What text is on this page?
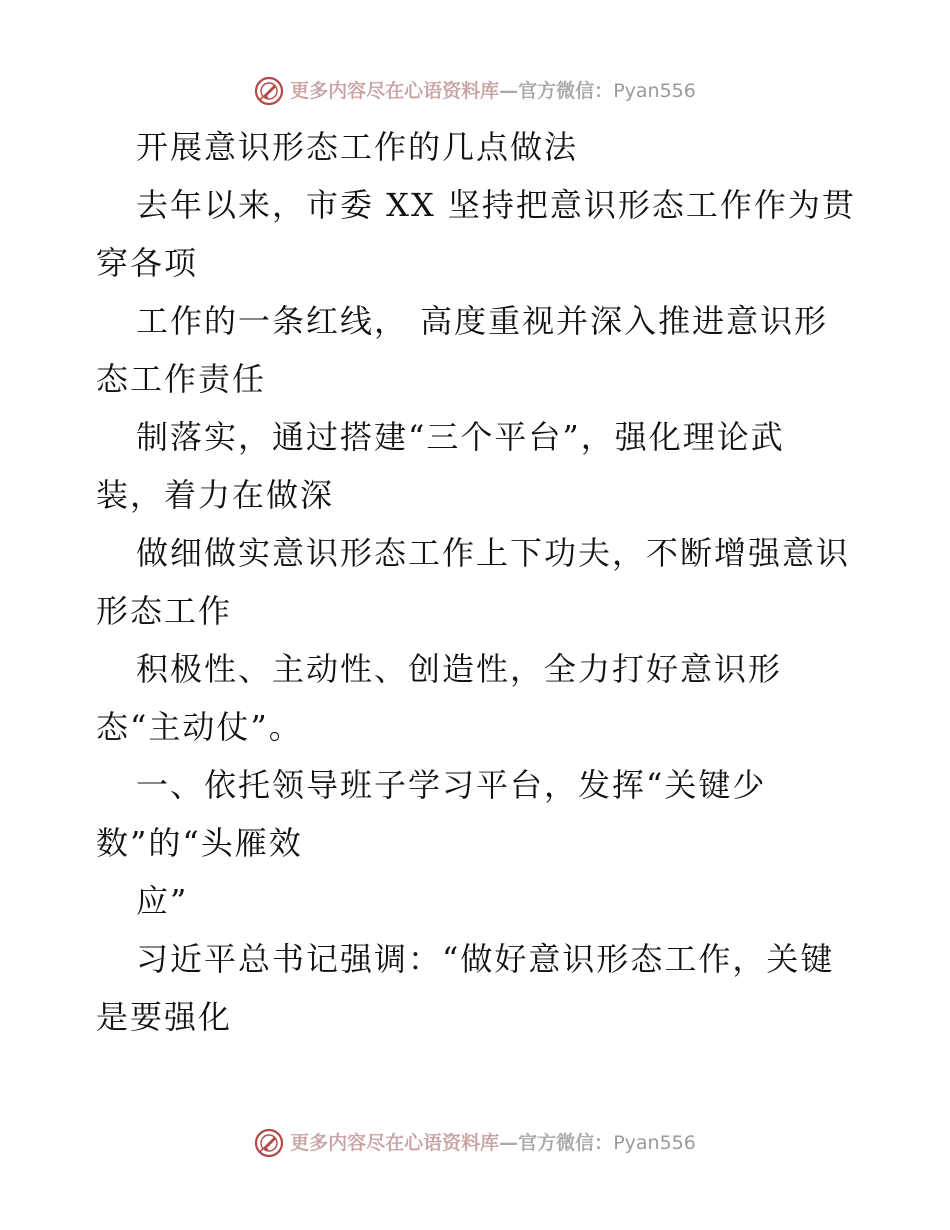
更多内容尽在心语资料库 — 官方微信： Pyan556
开展意识形态工作的几点做法
去年以来，市委 XX 坚持把意识形态工作作为贯
穿各项
工作的一条红线， 高度重视并深入推进意识形
态工作责任
制落实，通过搭建“三个平台”，强化理论武
装，着力在做深
做细做实意识形态工作上下功夫，不断增强意识
形态工作
积极性、主动性、创造性，全力打好意识形
态“主动仗”。
一、依托领导班子学习平台，发挥“关键少
数”的“头雁效
应”
习近平总书记强调：“做好意识形态工作，关键
是要强化
更多内容尽在心语资料库 — 官方微信： Pyan556
